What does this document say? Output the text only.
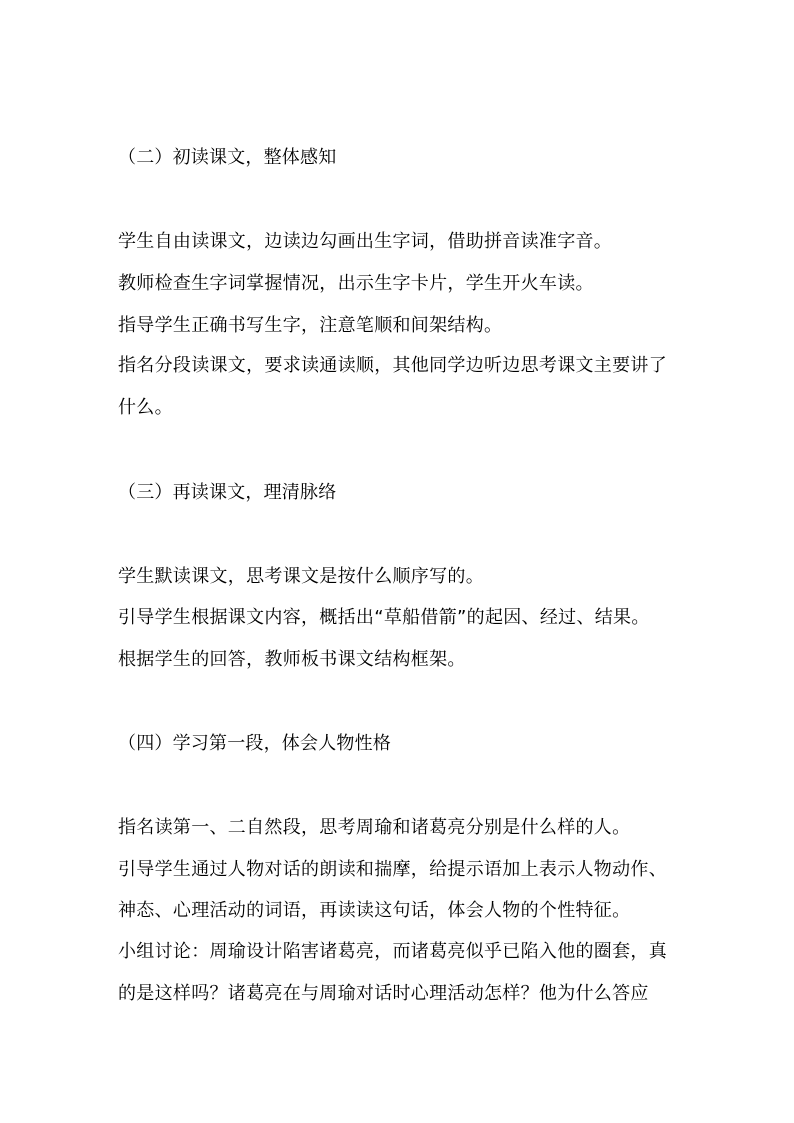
（二）初读课文，整体感知
学生自由读课文，边读边勾画出生字词，借助拼音读准字音。
教师检查生字词掌握情况，出示生字卡片，学生开火车读。
指导学生正确书写生字，注意笔顺和间架结构。
指名分段读课文，要求读通读顺，其他同学边听边思考课文主要讲了
什么。
（三）再读课文，理清脉络
学生默读课文，思考课文是按什么顺序写的。
引导学生根据课文内容，概括出“草船借箭”的起因、经过、结果。
根据学生的回答，教师板书课文结构框架。
（四）学习第一段，体会人物性格
指名读第一、二自然段，思考周瑜和诸葛亮分别是什么样的人。
引导学生通过人物对话的朗读和揣摩，给提示语加上表示人物动作、
神态、心理活动的词语，再读读这句话，体会人物的个性特征。
小组讨论：周瑜设计陷害诸葛亮，而诸葛亮似乎已陷入他的圈套，真
的是这样吗？诸葛亮在与周瑜对话时心理活动怎样？他为什么答应
